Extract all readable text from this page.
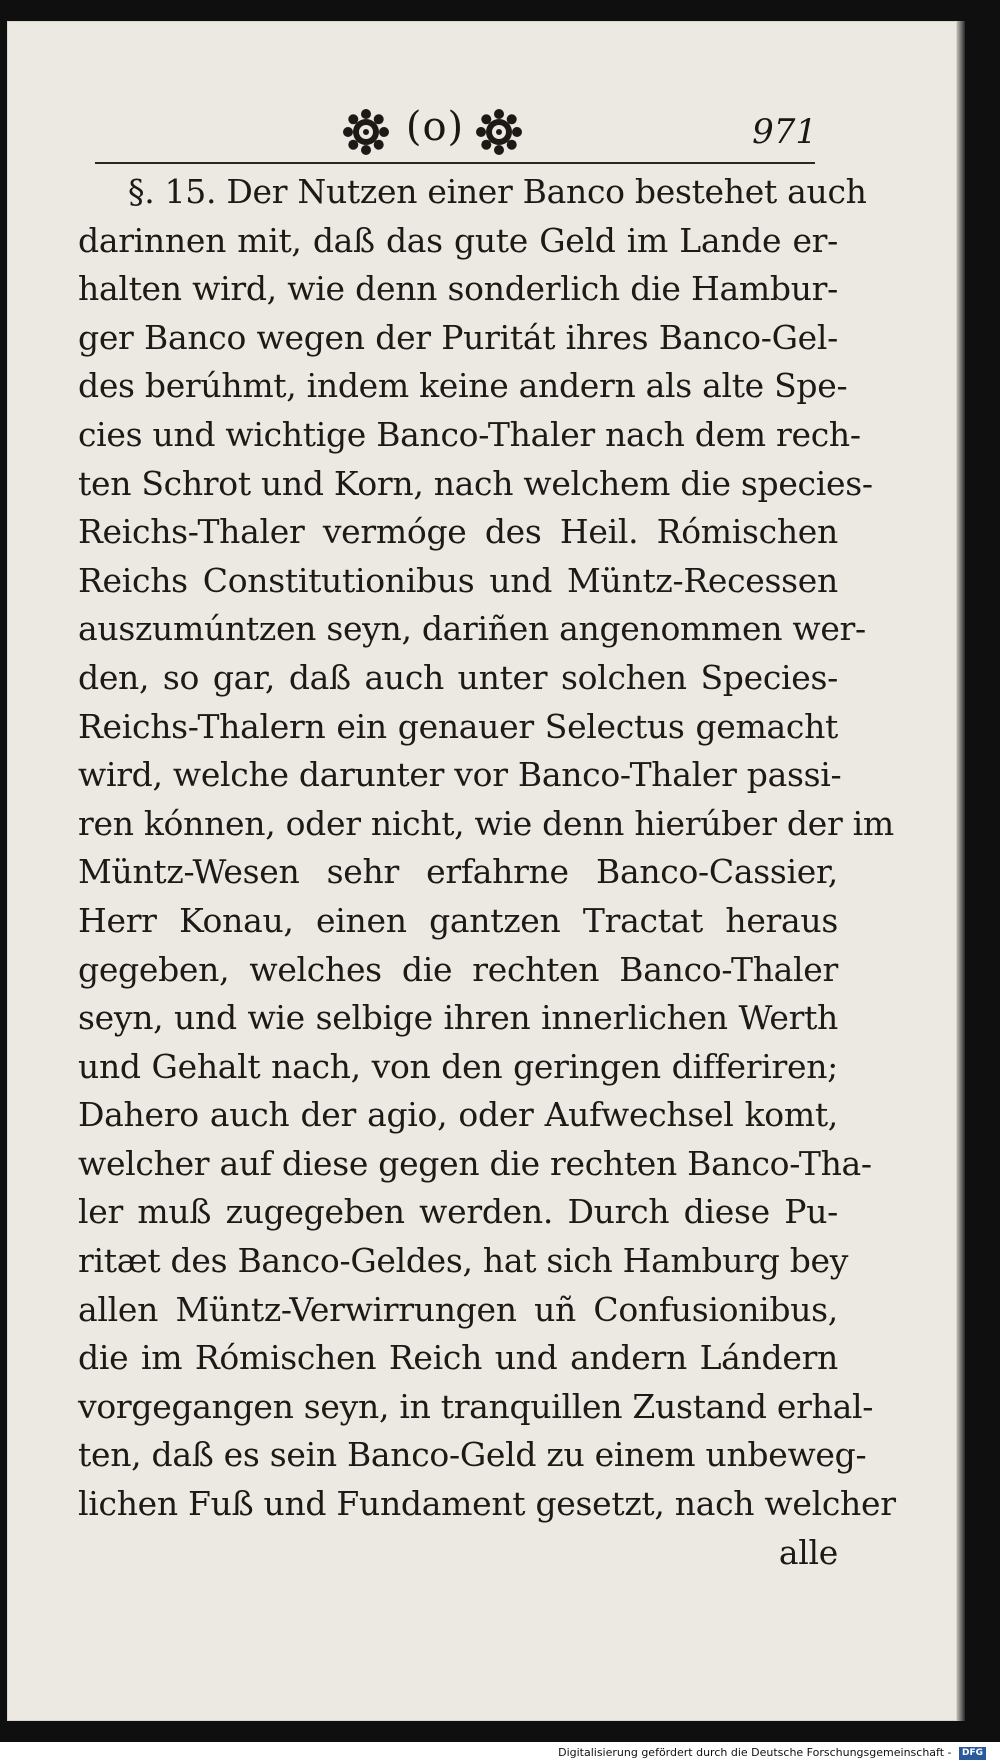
(o)	971
§. 15. Der Nutzen einer Banco bestehet auch
darinnen mit, daß das gute Geld im Lande er-
halten wird, wie denn sonderlich die Hambur-
ger Banco wegen der Puritát ihres Banco-Gel-
des berúhmt, indem keine andern als alte Spe-
cies und wichtige Banco-Thaler nach dem rech-
ten Schrot und Korn, nach welchem die species-
Reichs-Thaler vermóge des Heil. Rómischen
Reichs Constitutionibus und Müntz-Recessen
auszumúntzen seyn, dariñen angenommen wer-
den, so gar, daß auch unter solchen Species-
Reichs-Thalern ein genauer Selectus gemacht
wird, welche darunter vor Banco-Thaler passi-
ren kónnen, oder nicht, wie denn hierúber der im
Müntz-Wesen sehr erfahrne Banco-Cassier,
Herr Konau, einen gantzen Tractat heraus
gegeben, welches die rechten Banco-Thaler
seyn, und wie selbige ihren innerlichen Werth
und Gehalt nach, von den geringen differiren;
Dahero auch der agio, oder Aufwechsel komt,
welcher auf diese gegen die rechten Banco-Tha-
ler muß zugegeben werden. Durch diese Pu-
ritæt des Banco-Geldes, hat sich Hamburg bey
allen Müntz-Verwirrungen uñ Confusionibus,
die im Rómischen Reich und andern Lándern
vorgegangen seyn, in tranquillen Zustand erhal-
ten, daß es sein Banco-Geld zu einem unbeweg-
lichen Fuß und Fundament gesetzt, nach welcher
alle
Digitalisierung gefördert durch die Deutsche Forschungsgemeinschaft - DFG
